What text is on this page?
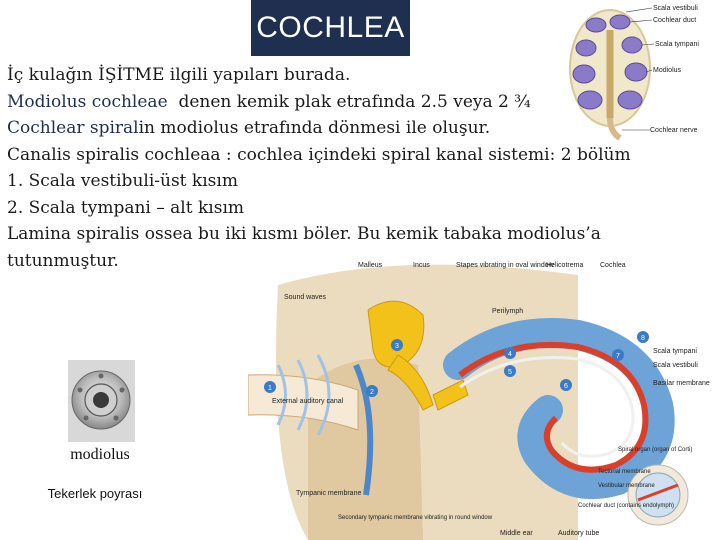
COCHLEA

İç kulağın İŞİTME ilgili yapıları burada.

Modiolus cochleae denen kemik plak etrafında 2.5 veya 2 ¾

Cochlear spiralin modiolus etrafında dönmesi ile oluşur.

Canalis spiralis cochleaa : cochlea içindeki spiral kanal sistemi: 2 bölüm

1. Scala vestibuli-üst kısım

2. Scala tympani – alt kısım

Lamina spiralis ossea bu iki kısmı böler. Bu kemik tabaka modiolus’a

tutunmuştur.

Scala vestibuli
Cochlear duct
Scala tympani
Modiolus
Cochlear nerve
modiolus
Tekerlek poyrası
1
2
3
4
5
6
7
8
Malleus	Incus	Stapes vibrating in oval window
Helicotrema Cochlea
Sound waves
Perilymph
External auditory canal
Scala tympani
Scala vestibuli
Basilar membrane
Spiral organ (organ of Corti)
Tectorial membrane
Vestibular membrane
Cochlear duct (contains endolymph)
Tympanic membrane
Secondary tympanic membrane vibrating in round window
Middle ear	Auditory tube
